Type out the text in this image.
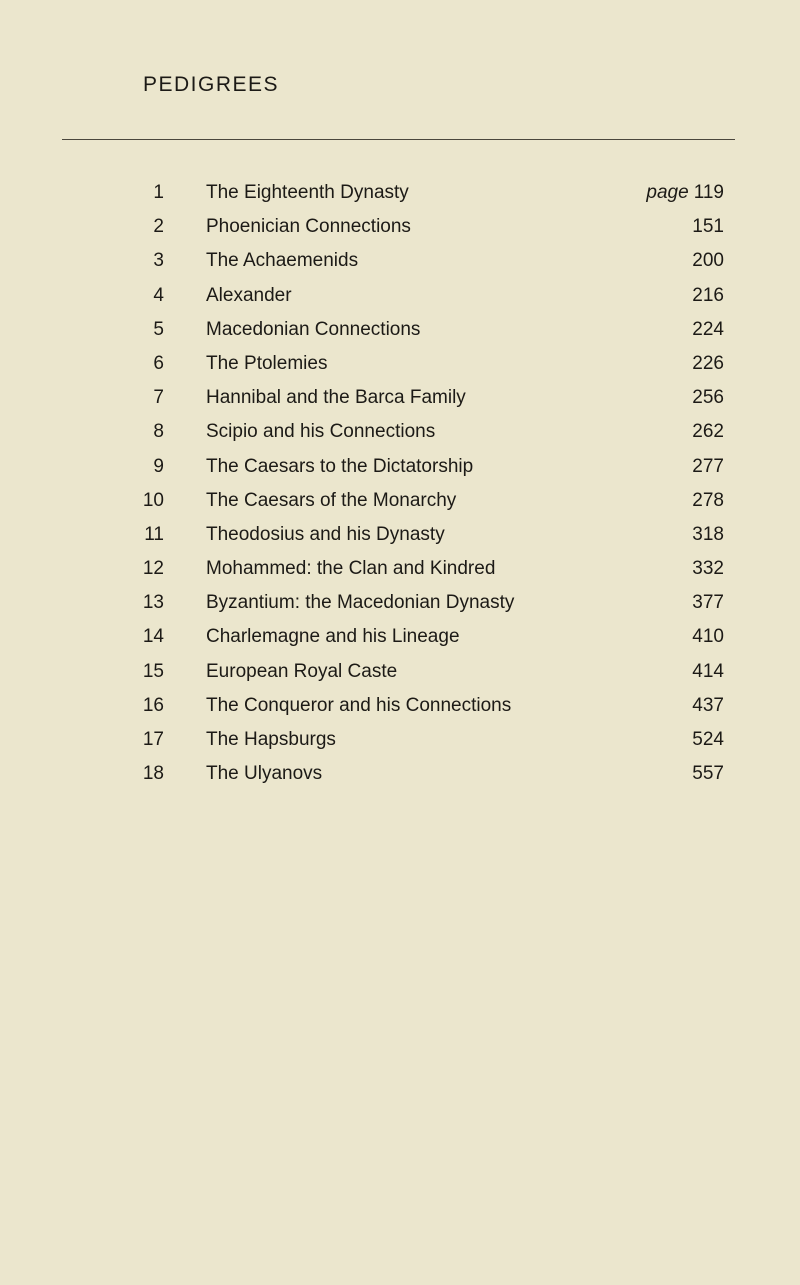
PEDIGREES
1 The Eighteenth Dynasty	page 119
2 Phoenician Connections	151
3 The Achaemenids	200
4 Alexander	216
5 Macedonian Connections	224
6 The Ptolemies	226
7 Hannibal and the Barca Family	256
8 Scipio and his Connections	262
9 The Caesars to the Dictatorship	277
10 The Caesars of the Monarchy	278
11 Theodosius and his Dynasty	318
12 Mohammed: the Clan and Kindred	332
13 Byzantium: the Macedonian Dynasty	377
14 Charlemagne and his Lineage	410
15 European Royal Caste	414
16 The Conqueror and his Connections	437
17 The Hapsburgs	524
18 The Ulyanovs	557
